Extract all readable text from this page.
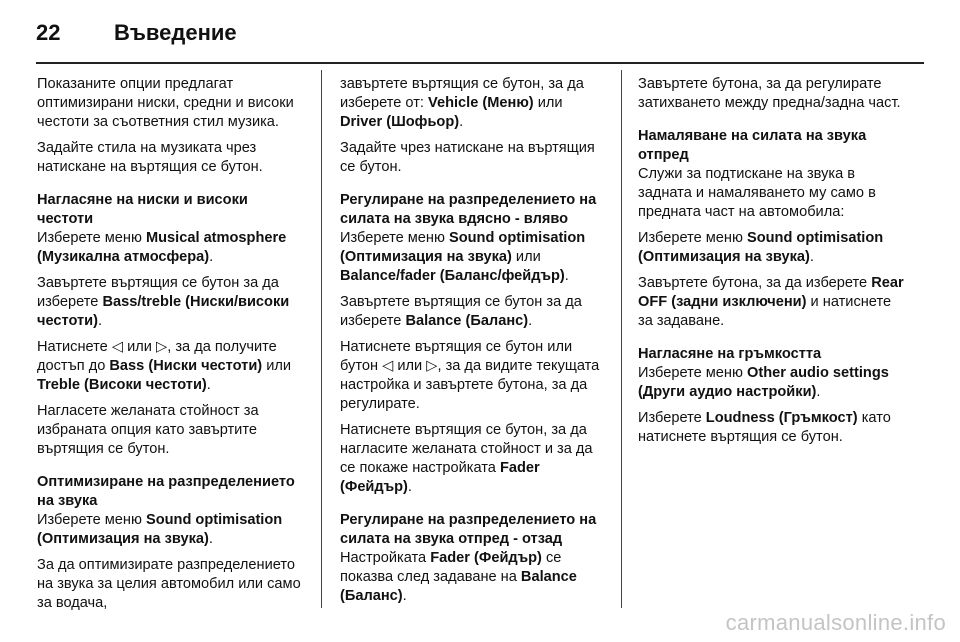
22 Въведение

Показаните опции предлагат оптимизирани ниски, средни и високи честоти за съответния стил музика.

Задайте стила на музиката чрез натискане на въртящия се бутон.

Нагласяне на ниски и високи честоти

Изберете меню Musical atmosphere (Музикална атмосфера).

Завъртете въртящия се бутон за да изберете Bass/treble (Ниски/високи честоти).

Натиснете ◁ или ▷, за да получите достъп до Bass (Ниски честоти) или Treble (Високи честоти).

Нагласете желаната стойност за избраната опция като завъртите въртящия се бутон.

Оптимизиране на разпределението на звука

Изберете меню Sound optimisation (Оптимизация на звука).

За да оптимизирате разпределението на звука за целия автомобил или само за водача,

завъртете въртящия се бутон, за да изберете от: Vehicle (Меню) или Driver (Шофьор).

Задайте чрез натискане на въртящия се бутон.

Регулиране на разпределението на силата на звука вдясно - вляво

Изберете меню Sound optimisation (Оптимизация на звука) или Balance/fader (Баланс/фейдър).

Завъртете въртящия се бутон за да изберете Balance (Баланс).

Натиснете въртящия се бутон или бутон ◁ или ▷, за да видите текущата настройка и завъртете бутона, за да регулирате.

Натиснете въртящия се бутон, за да нагласите желаната стойност и за да се покаже настройката Fader (Фейдър).

Регулиране на разпределението на силата на звука отпред - отзад

Настройката Fader (Фейдър) се показва след задаване на Balance (Баланс).

Завъртете бутона, за да регулирате затихването между предна/задна част.

Намаляване на силата на звука отпред

Служи за подтискане на звука в задната и намаляването му само в предната част на автомобила:

Изберете меню Sound optimisation (Оптимизация на звука).

Завъртете бутона, за да изберете Rear OFF (задни изключени) и натиснете за задаване.

Нагласяне на гръмкостта

Изберете меню Other audio settings (Други аудио настройки).

Изберете Loudness (Гръмкост) като натиснете въртящия се бутон.

carmanualsonline.info
